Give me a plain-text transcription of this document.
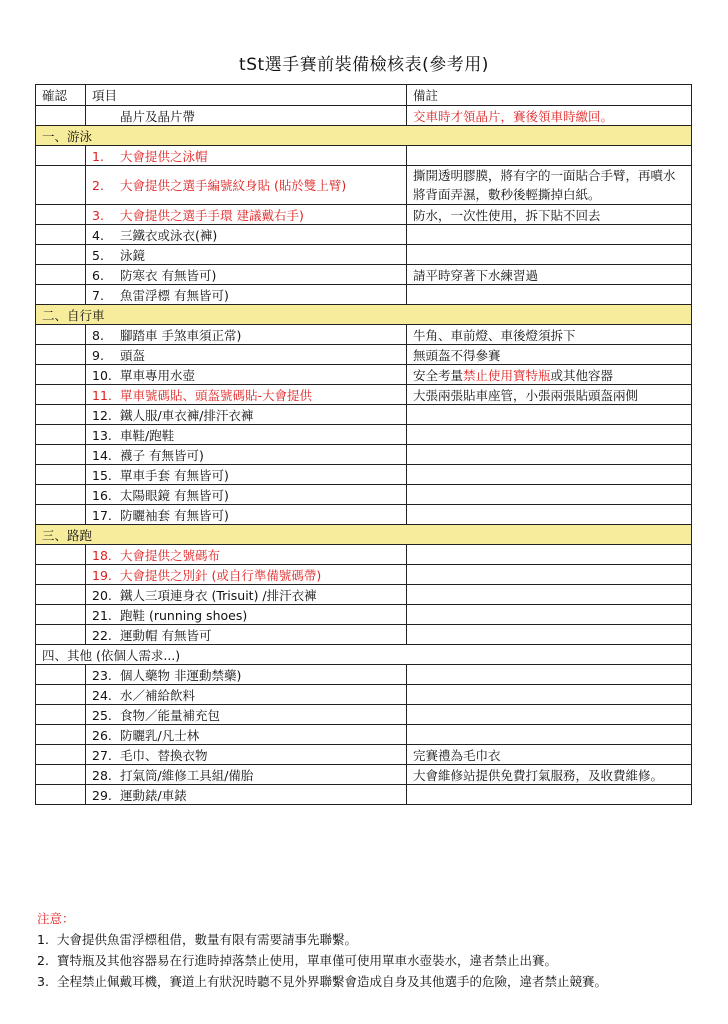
tSt選手賽前裝備檢核表(參考用)
確認	項目	備註
	晶片及晶片帶	交車時才領晶片，賽後領車時繳回。
一、游泳		
	1. 大會提供之泳帽	
	2. 大會提供之選手編號紋身貼 (貼於雙上臂)	撕開透明膠膜，將有字的一面貼合手臂，再噴水將背面弄濕，數秒後輕撕掉白紙。
	3. 大會提供之選手手環 建議戴右手)	防水，一次性使用，拆下貼不回去
	4. 三鐵衣或泳衣(褲)	
	5. 泳鏡	
	6. 防寒衣 有無皆可)	請平時穿著下水練習過
	7. 魚雷浮標 有無皆可)	
二、自行車		
	8. 腳踏車 手煞車須正常)	牛角、車前燈、車後燈須拆下
	9. 頭盔	無頭盔不得參賽
	10. 單車專用水壺	安全考量禁止使用寶特瓶或其他容器
	11. 單車號碼貼、頭盔號碼貼-大會提供	大張兩張貼車座管，小張兩張貼頭盔兩側
	12. 鐵人服/車衣褲/排汗衣褲	
	13. 車鞋/跑鞋	
	14. 襪子 有無皆可)	
	15. 單車手套 有無皆可)	
	16. 太陽眼鏡 有無皆可)	
	17. 防曬袖套 有無皆可)	
三、路跑		
	18. 大會提供之號碼布	
	19. 大會提供之別針 (或自行準備號碼帶)	
	20. 鐵人三項連身衣 (Trisuit) /排汗衣褲	
	21. 跑鞋 (running shoes)	
	22. 運動帽 有無皆可	
四、其他 (依個人需求...)		
	23. 個人藥物 非運動禁藥)	
	24. 水／補給飲料	
	25. 食物／能量補充包	
	26. 防曬乳/凡士林	
	27. 毛巾、替換衣物	完賽禮為毛巾衣
	28. 打氣筒/維修工具組/備胎	大會維修站提供免費打氣服務，及收費維修。
	29. 運動錶/車錶	
注意：
1. 大會提供魚雷浮標租借，數量有限有需要請事先聯繫。
2. 寶特瓶及其他容器易在行進時掉落禁止使用，單車僅可使用單車水壺裝水，違者禁止出賽。
3. 全程禁止佩戴耳機，賽道上有狀況時聽不見外界聯繫會造成自身及其他選手的危險，違者禁止競賽。
